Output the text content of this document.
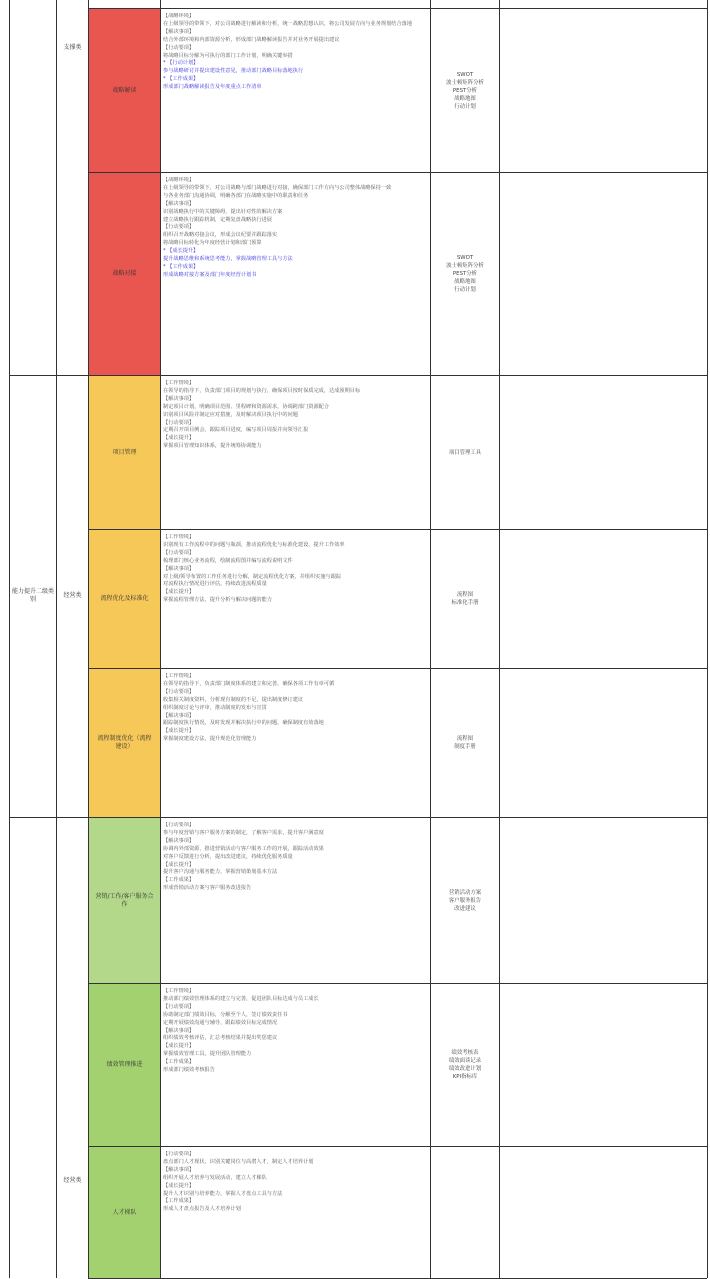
支撑类
能力提升二级类别
经营类
经营类
战略解读
【战略环境】
在上级领导的带领下，对公司战略进行解读和分析，统一战略思想认识，将公司发展方向与业务规划结合落地
【解决事项】
结合外部环境和内部资源分析，形成部门战略解读报告并对业务开展提出建议
【行动要项】
将战略目标分解为可执行的部门工作计划，明确关键举措
* 【行动计划】
参与战略研讨并提出建设性意见，推动部门战略目标落地执行
* 【工作成果】
形成部门战略解读报告及年度重点工作清单
SWOT
波士顿矩阵分析
PEST分析
战略地图
行动计划
战略对接
【战略环境】
在上级领导的带领下，对公司战略与部门战略进行对接，确保部门工作方向与公司整体战略保持一致
与各业务部门沟通协调，明确各部门在战略实施中的职责和任务
【解决事项】
识别战略执行中的关键障碍，提出针对性的解决方案
建立战略执行跟踪机制，定期复盘战略执行进展
【行动要项】
组织召开战略对接会议，形成会议纪要并跟踪落实
将战略目标转化为年度经营计划和部门预算
* 【成长提升】
提升战略思维和系统思考能力，掌握战略管理工具与方法
* 【工作成果】
形成战略对接方案及部门年度经营计划书
SWOT
波士顿矩阵分析
PEST分析
战略地图
行动计划
项目管理
【工作情境】
在领导的指导下，负责部门项目的规划与执行，确保项目按时保质完成，达成预期目标
【解决事项】
制定项目计划，明确项目范围、里程碑和资源需求，协调跨部门资源配合
识别项目风险并制定应对措施，及时解决项目执行中的问题
【行动要项】
定期召开项目例会，跟踪项目进度，编写项目周报并向领导汇报
【成长提升】
掌握项目管理知识体系，提升统筹协调能力
项目管理工具
流程优化及标准化
【工作情境】
识别现有工作流程中的问题与瓶颈，推动流程优化与标准化建设，提升工作效率
【行动要项】
梳理部门核心业务流程，绘制流程图并编写流程说明文件
【解决事项】
对上级/领导布置的工作任务进行分解，制定流程优化方案，并组织实施与跟踪
对流程执行情况进行评估，持续改进流程质量
【成长提升】
掌握流程管理方法，提升分析与解决问题的能力
流程图
标准化手册
流程制度优化（流程建设）
【工作情境】
在领导的指导下，负责部门制度体系的建立和完善，确保各项工作有章可循
【行动要项】
收集相关制度资料，分析现有制度的不足，提出制度修订建议
组织制度讨论与评审，推动制度的发布与宣贯
【解决事项】
跟踪制度执行情况，及时发现并解决执行中的问题，确保制度有效落地
【成长提升】
掌握制度建设方法，提升规范化管理能力	流程图
制度手册
营销/工作/客户服务合作
【行动要项】
参与年度营销与客户服务方案的制定，了解客户需求，提升客户满意度
【解决事项】
协调内外部资源，推进营销活动与客户服务工作的开展，跟踪活动效果
对客户反馈进行分析，提出改进建议，持续优化服务质量
【成长提升】
提升客户沟通与服务能力，掌握营销策划基本方法
【工作成果】
形成营销活动方案与客户服务改进报告
营销活动方案
客户服务报告
改进建议
绩效管理推进
【工作情境】
推动部门绩效管理体系的建立与完善，促进团队目标达成与员工成长
【行动要项】
协助制定部门绩效目标，分解至个人，签订绩效责任书
定期开展绩效沟通与辅导，跟踪绩效目标完成情况
【解决事项】
组织绩效考核评估，汇总考核结果并提出奖惩建议
【成长提升】
掌握绩效管理工具，提升团队管理能力
【工作成果】
形成部门绩效考核报告
绩效考核表
绩效面谈记录
绩效改进计划
KPI指标库
人才梯队
【行动要项】
盘点部门人才现状，识别关键岗位与高潜人才，制定人才培养计划
【解决事项】
组织开展人才培养与发展活动，建立人才梯队
【成长提升】
提升人才识别与培养能力，掌握人才盘点工具与方法
【工作成果】
形成人才盘点报告及人才培养计划
